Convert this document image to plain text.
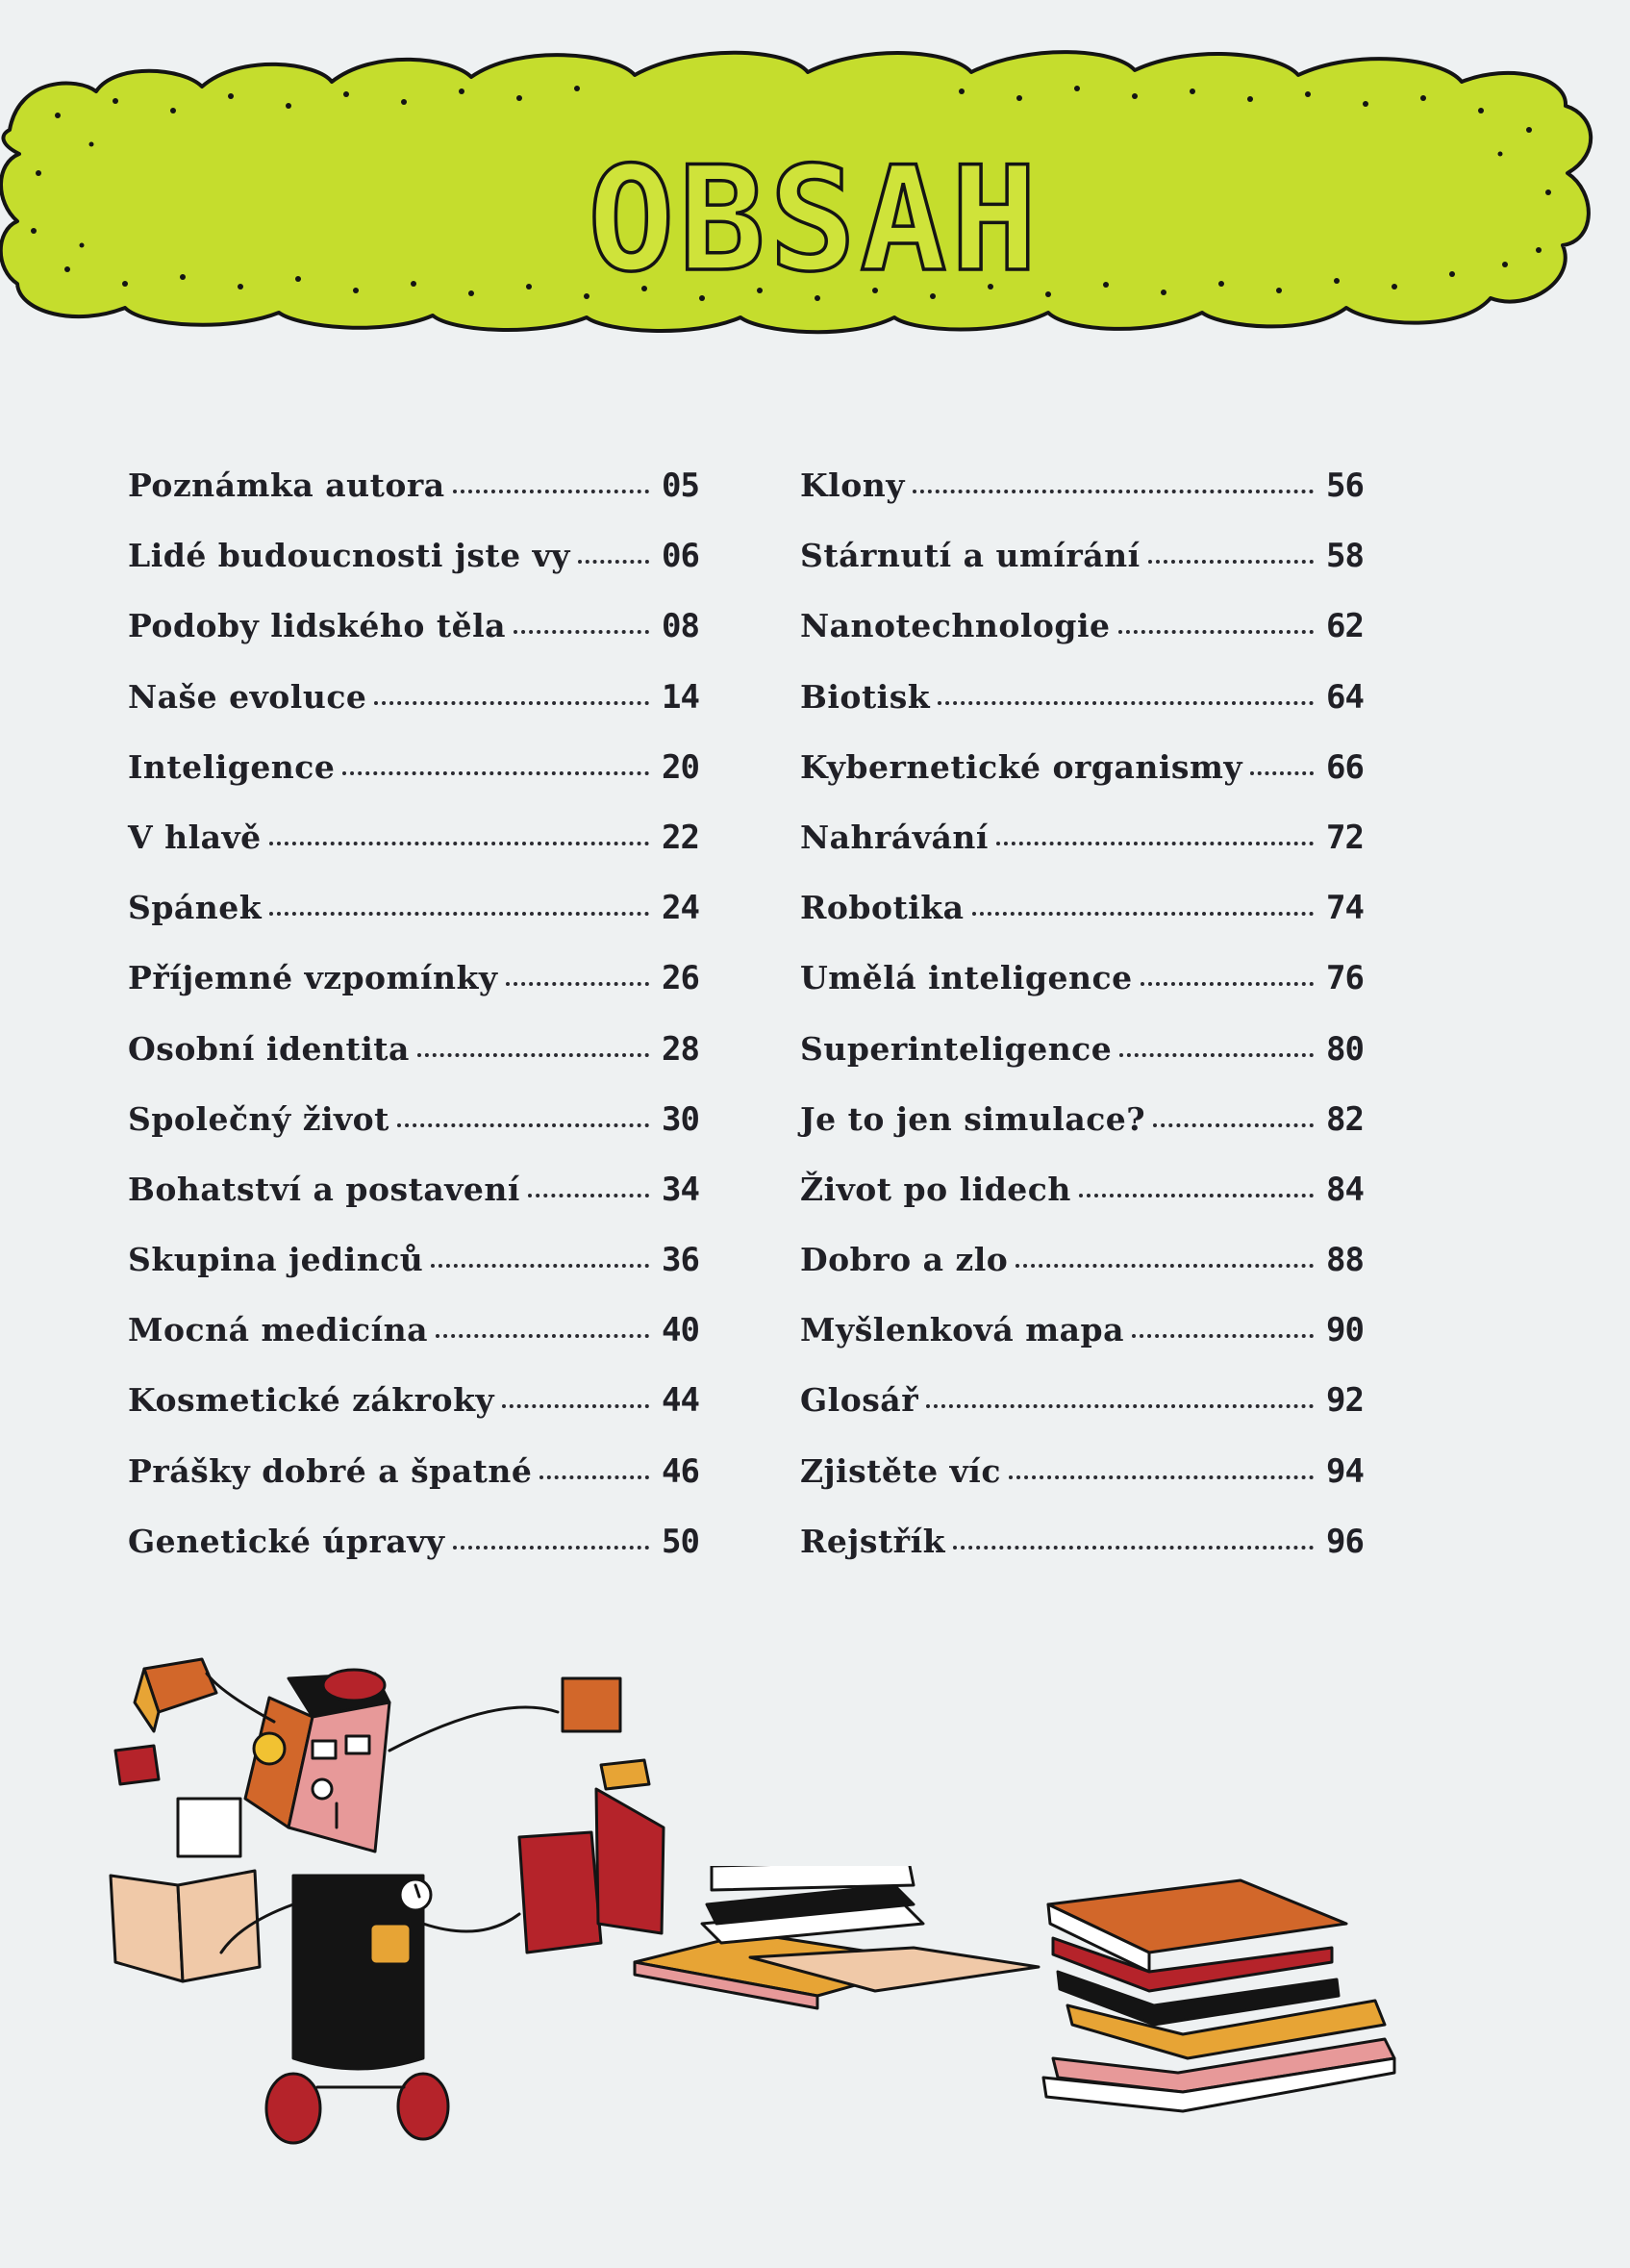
OBSAH
Poznámka autora	05
Lidé budoucnosti jste vy	06
Podoby lidského těla	08
Naše evoluce	14
Inteligence	20
V hlavě	22
Spánek	24
Příjemné vzpomínky	26
Osobní identita	28
Společný život	30
Bohatství a postavení	34
Skupina jedinců	36
Mocná medicína	40
Kosmetické zákroky	44
Prášky dobré a špatné	46
Genetické úpravy	50
Klony	56
Stárnutí a umírání	58
Nanotechnologie	62
Biotisk	64
Kybernetické organismy	66
Nahrávání	72
Robotika	74
Umělá inteligence	76
Superinteligence	80
Je to jen simulace?	82
Život po lidech	84
Dobro a zlo	88
Myšlenková mapa	90
Glosář	92
Zjistěte víc	94
Rejstřík	96
